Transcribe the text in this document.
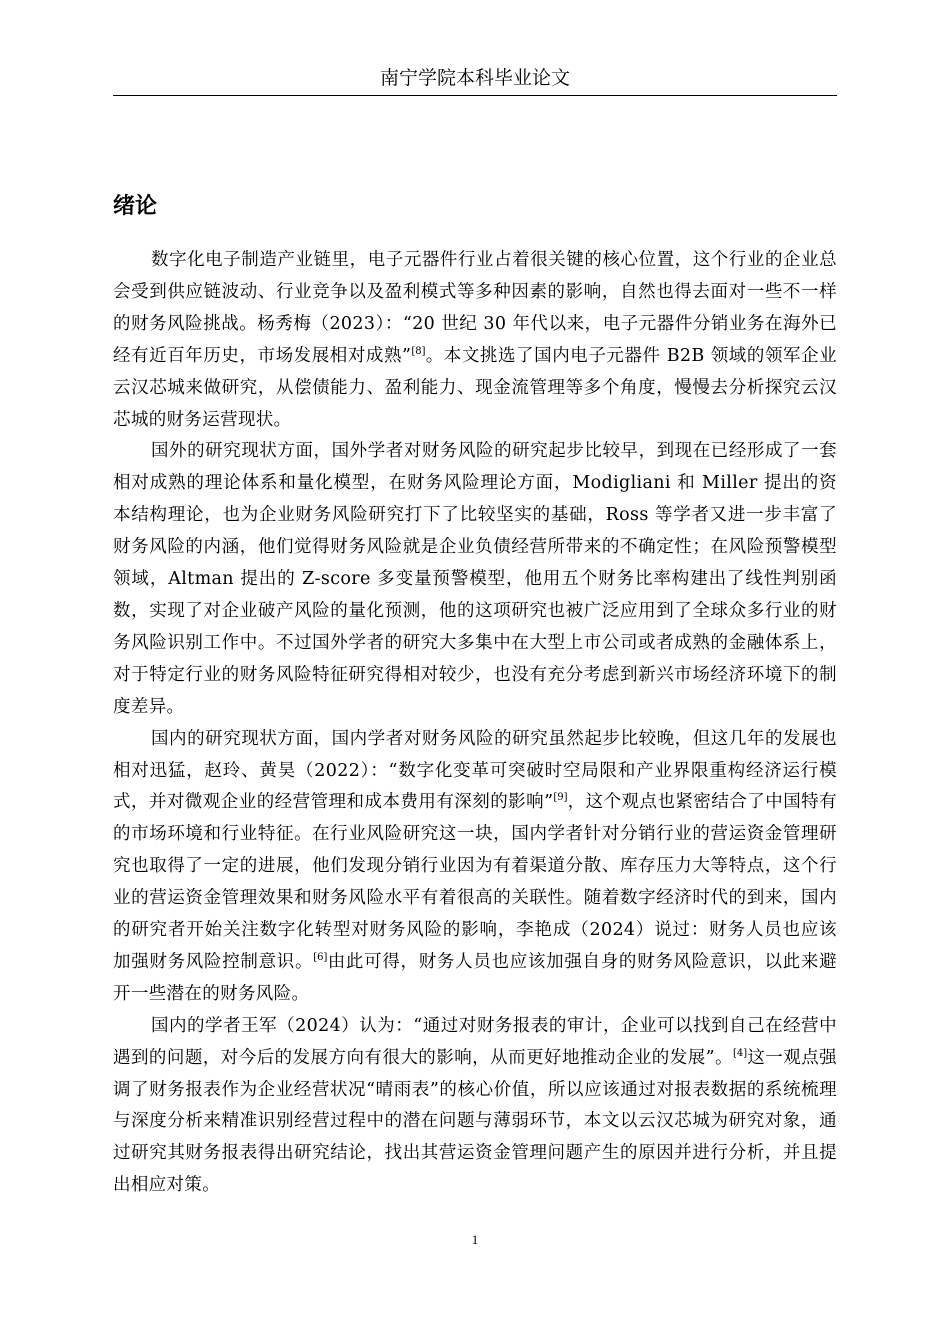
南宁学院本科毕业论文
绪论

数字化电子制造产业链里，电子元器件行业占着很关键的核心位置，这个行业的企业总会受到供应链波动、行业竞争以及盈利模式等多种因素的影响，自然也得去面对一些不一样的财务风险挑战。杨秀梅（2023）：“20 世纪 30 年代以来，电子元器件分销业务在海外已经有近百年历史，市场发展相对成熟”[8]。本文挑选了国内电子元器件 B2B 领域的领军企业云汉芯城来做研究，从偿债能力、盈利能力、现金流管理等多个角度，慢慢去分析探究云汉芯城的财务运营现状。

国外的研究现状方面，国外学者对财务风险的研究起步比较早，到现在已经形成了一套相对成熟的理论体系和量化模型，在财务风险理论方面，Modigliani 和 Miller 提出的资本结构理论，也为企业财务风险研究打下了比较坚实的基础，Ross 等学者又进一步丰富了财务风险的内涵，他们觉得财务风险就是企业负债经营所带来的不确定性；在风险预警模型领域，Altman 提出的 Z-score 多变量预警模型，他用五个财务比率构建出了线性判别函数，实现了对企业破产风险的量化预测，他的这项研究也被广泛应用到了全球众多行业的财务风险识别工作中。不过国外学者的研究大多集中在大型上市公司或者成熟的金融体系上，对于特定行业的财务风险特征研究得相对较少，也没有充分考虑到新兴市场经济环境下的制度差异。

国内的研究现状方面，国内学者对财务风险的研究虽然起步比较晚，但这几年的发展也相对迅猛，赵玲、黄昊（2022）：“数字化变革可突破时空局限和产业界限重构经济运行模式，并对微观企业的经营管理和成本费用有深刻的影响”[9]，这个观点也紧密结合了中国特有的市场环境和行业特征。在行业风险研究这一块，国内学者针对分销行业的营运资金管理研究也取得了一定的进展，他们发现分销行业因为有着渠道分散、库存压力大等特点，这个行业的营运资金管理效果和财务风险水平有着很高的关联性。随着数字经济时代的到来，国内的研究者开始关注数字化转型对财务风险的影响，李艳成（2024）说过：财务人员也应该加强财务风险控制意识。[6]由此可得，财务人员也应该加强自身的财务风险意识，以此来避开一些潜在的财务风险。

国内的学者王军（2024）认为：“通过对财务报表的审计，企业可以找到自己在经营中遇到的问题，对今后的发展方向有很大的影响，从而更好地推动企业的发展”。[4]这一观点强调了财务报表作为企业经营状况“晴雨表”的核心价值，所以应该通过对报表数据的系统梳理与深度分析来精准识别经营过程中的潜在问题与薄弱环节，本文以云汉芯城为研究对象，通过研究其财务报表得出研究结论，找出其营运资金管理问题产生的原因并进行分析，并且提出相应对策。

1
